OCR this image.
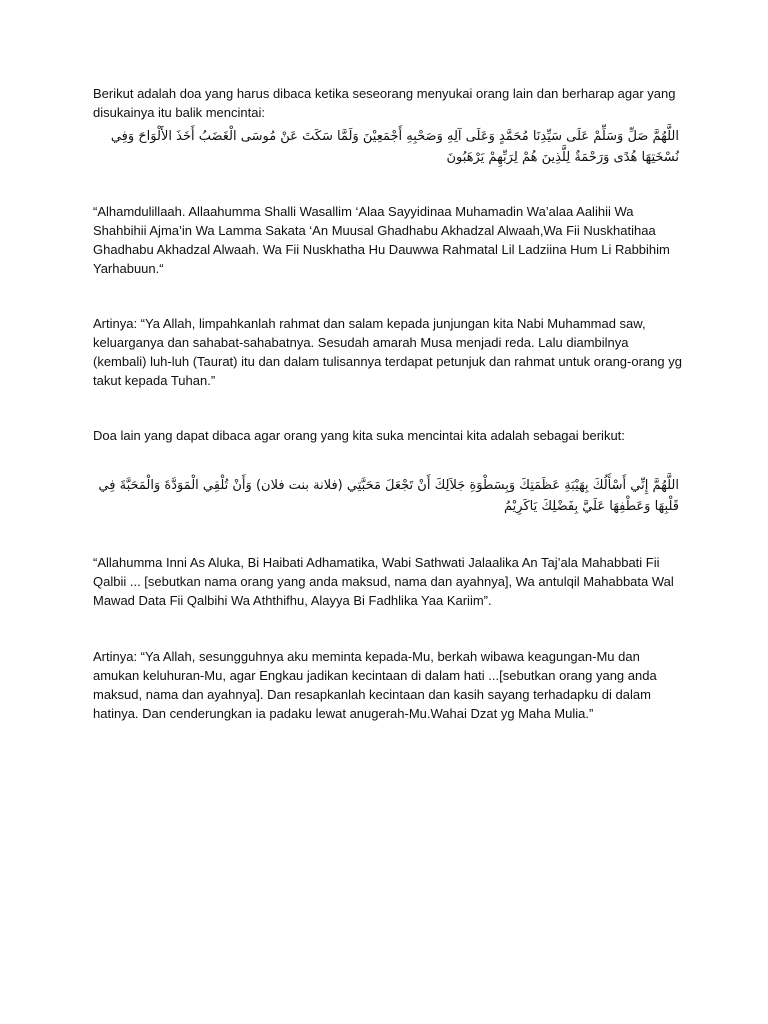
Berikut adalah doa yang harus dibaca ketika seseorang menyukai orang lain dan berharap agar yang disukainya itu balik mencintai:

اللَّهُمَّ صَلِّ وَسَلِّمْ عَلَى سَيِّدِنَا مُحَمَّدٍ وَعَلَى آلِهِ وَصَحْبِهِ أَجْمَعِيْنَ وَلَمَّا سَكَتَ عَنْ مُوسَى الْغَضَبُ أَخَذَ الأَلْوَاحَ وَفِي نُسْخَتِهَا هُدًى وَرَحْمَةٌ لِلَّذِينَ هُمْ لِرَبِّهِمْ يَرْهَبُونَ

“Alhamdulillaah. Allaahumma Shalli Wasallim ‘Alaa Sayyidinaa Muhamadin Wa’alaa Aalihii Wa Shahbihii Ajma’in Wa Lamma Sakata ‘An Muusal Ghadhabu Akhadzal Alwaah,Wa Fii Nuskhatihaa Ghadhabu Akhadzal Alwaah. Wa Fii Nuskhatha Hu Dauwwa Rahmatal Lil Ladziina Hum Li Rabbihim Yarhabuun.“

Artinya: “Ya Allah, limpahkanlah rahmat dan salam kepada junjungan kita Nabi Muhammad saw, keluarganya dan sahabat-sahabatnya. Sesudah amarah Musa menjadi reda. Lalu diambilnya (kembali) luh-luh (Taurat) itu dan dalam tulisannya terdapat petunjuk dan rahmat untuk orang-orang yg takut kepada Tuhan.”

Doa lain yang dapat dibaca agar orang yang kita suka mencintai kita adalah sebagai berikut:

اللَّهُمَّ إِنِّي أَسْأَلُكَ بِهَيْبَةِ عَظَمَتِكَ وَبِسَطْوَةِ جَلاَلِكَ أَنْ تَجْعَلَ مَحَبَّتِي (فلانة بنت فلان) وَأَنْ تُلْقِي الْمَوَدَّةَ وَالْمَحَبَّةَ فِي قَلْبِهَا وَعَطْفِهَا عَلَيَّ بِفَضْلِكَ يَاكَرِيْمُ

“Allahumma Inni As Aluka, Bi Haibati Adhamatika, Wabi Sathwati Jalaalika An Taj’ala Mahabbati Fii Qalbii ... [sebutkan nama orang yang anda maksud, nama dan ayahnya], Wa antulqil Mahabbata Wal Mawad Data Fii Qalbihi Wa Aththifhu, Alayya Bi Fadhlika Yaa Kariim”.

Artinya: “Ya Allah, sesungguhnya aku meminta kepada-Mu, berkah wibawa keagungan-Mu dan amukan keluhuran-Mu, agar Engkau jadikan kecintaan di dalam hati ...[sebutkan orang yang anda maksud, nama dan ayahnya]. Dan resapkanlah kecintaan dan kasih sayang terhadapku di dalam hatinya. Dan cenderungkan ia padaku lewat anugerah-Mu.Wahai Dzat yg Maha Mulia.”
